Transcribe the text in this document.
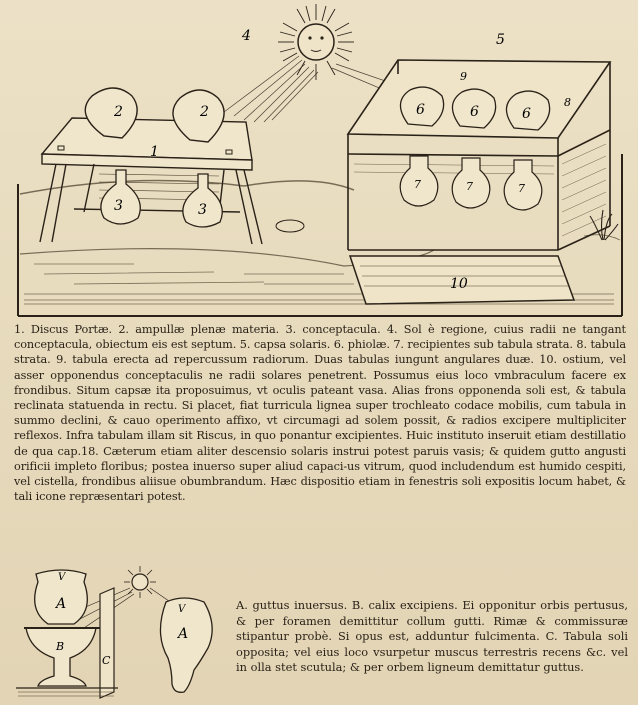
4	5
2	2
1
3	3
6	6	6
8
9
7	7	7
10

1. Discus Portæ. 2. ampullæ plenæ materia. 3. conceptacula. 4. Sol è regione, cuius radii ne tangant conceptacula, obiectum eis est septum. 5. capsa solaris. 6. phiolæ. 7. recipientes sub tabula strata. 8. tabula strata. 9. tabula erecta ad repercussum radiorum. Duas tabulas iungunt angulares duæ. 10. ostium, vel asser opponendus conceptaculis ne radii solares penetrent. Possumus eius loco vmbraculum facere ex frondibus. Situm capsæ ita proposuimus, vt oculis pateant vasa. Alias frons opponenda soli est, & tabula reclinata statuenda in rectu. Si placet, fiat turricula lignea super trochleato codace mobilis, cum tabula in summo declini, & cauo operimento affixo, vt circumagi ad solem possit, & radios excipere multipliciter reflexos. Infra tabulam illam sit Riscus, in quo ponantur excipientes. Huic instituto inseruit etiam destillatio de qua cap.18. Cæterum etiam aliter descensio solaris instrui potest paruis vasis; & quidem gutto angusti orificii impleto floribus; postea inuerso super aliud capaci-us vitrum, quod includendum est humido cespiti, vel cistella, frondibus aliisue obumbrandum. Hæc dispositio etiam in fenestris soli expositis locum habet, & tali icone repræsentari potest.

V
A
B
C
V
A

A. guttus inuersus. B. calix excipiens. Ei opponitur orbis pertusus, & per foramen demittitur collum gutti. Rimæ & commissuræ stipantur probè. Si opus est, adduntur fulcimenta. C. Tabula soli opposita; vel eius loco vsurpetur muscus terrestris recens &c. vel in olla stet scutula; & per orbem ligneum demittatur guttus.
